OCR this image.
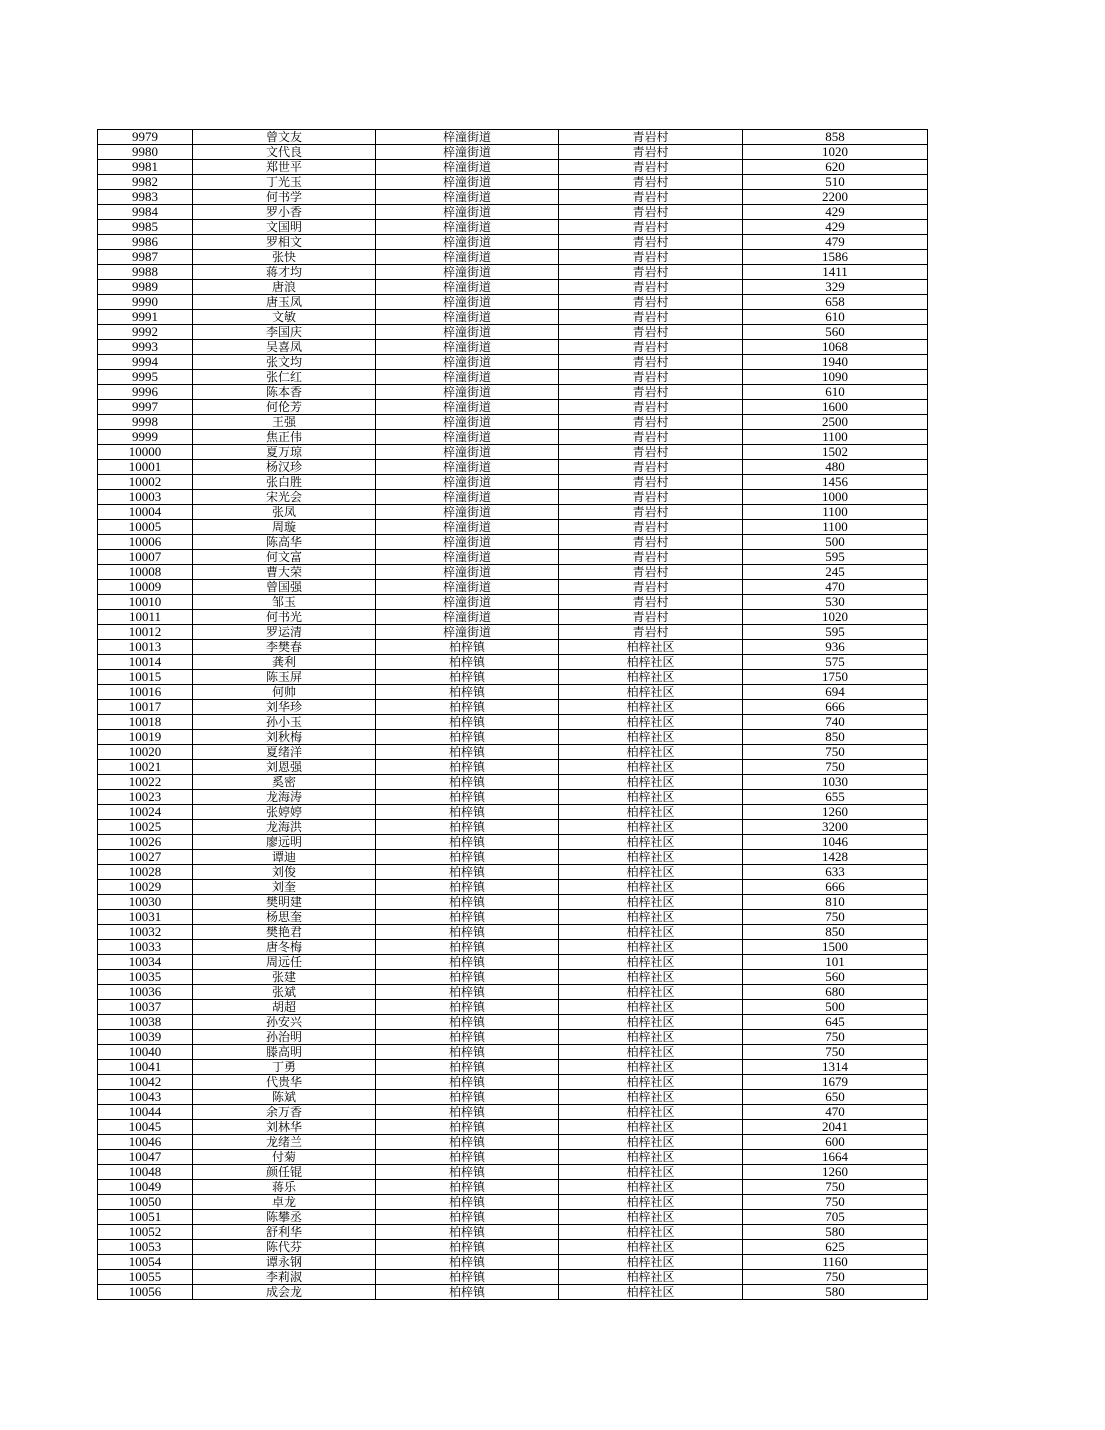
9979	曾文友	梓潼街道	青岩村	858
9980	文代良	梓潼街道	青岩村	1020
9981	郑世平	梓潼街道	青岩村	620
9982	丁光玉	梓潼街道	青岩村	510
9983	何书学	梓潼街道	青岩村	2200
9984	罗小香	梓潼街道	青岩村	429
9985	文国明	梓潼街道	青岩村	429
9986	罗相文	梓潼街道	青岩村	479
9987	张快	梓潼街道	青岩村	1586
9988	蒋才均	梓潼街道	青岩村	1411
9989	唐浪	梓潼街道	青岩村	329
9990	唐玉凤	梓潼街道	青岩村	658
9991	文敏	梓潼街道	青岩村	610
9992	李国庆	梓潼街道	青岩村	560
9993	吴喜凤	梓潼街道	青岩村	1068
9994	张文均	梓潼街道	青岩村	1940
9995	张仁红	梓潼街道	青岩村	1090
9996	陈本香	梓潼街道	青岩村	610
9997	何伦芳	梓潼街道	青岩村	1600
9998	王强	梓潼街道	青岩村	2500
9999	焦正伟	梓潼街道	青岩村	1100
10000	夏万琼	梓潼街道	青岩村	1502
10001	杨汉珍	梓潼街道	青岩村	480
10002	张白胜	梓潼街道	青岩村	1456
10003	宋光会	梓潼街道	青岩村	1000
10004	张凤	梓潼街道	青岩村	1100
10005	周璇	梓潼街道	青岩村	1100
10006	陈高华	梓潼街道	青岩村	500
10007	何文富	梓潼街道	青岩村	595
10008	曹大荣	梓潼街道	青岩村	245
10009	曾国强	梓潼街道	青岩村	470
10010	邹玉	梓潼街道	青岩村	530
10011	何书光	梓潼街道	青岩村	1020
10012	罗运清	梓潼街道	青岩村	595
10013	李樊春	柏梓镇	柏梓社区	936
10014	龚利	柏梓镇	柏梓社区	575
10015	陈玉屏	柏梓镇	柏梓社区	1750
10016	何帅	柏梓镇	柏梓社区	694
10017	刘华珍	柏梓镇	柏梓社区	666
10018	孙小玉	柏梓镇	柏梓社区	740
10019	刘秋梅	柏梓镇	柏梓社区	850
10020	夏绪洋	柏梓镇	柏梓社区	750
10021	刘恩强	柏梓镇	柏梓社区	750
10022	奚密	柏梓镇	柏梓社区	1030
10023	龙海涛	柏梓镇	柏梓社区	655
10024	张婷婷	柏梓镇	柏梓社区	1260
10025	龙海洪	柏梓镇	柏梓社区	3200
10026	廖远明	柏梓镇	柏梓社区	1046
10027	谭迪	柏梓镇	柏梓社区	1428
10028	刘俊	柏梓镇	柏梓社区	633
10029	刘奎	柏梓镇	柏梓社区	666
10030	樊明建	柏梓镇	柏梓社区	810
10031	杨思奎	柏梓镇	柏梓社区	750
10032	樊艳君	柏梓镇	柏梓社区	850
10033	唐冬梅	柏梓镇	柏梓社区	1500
10034	周远任	柏梓镇	柏梓社区	101
10035	张建	柏梓镇	柏梓社区	560
10036	张斌	柏梓镇	柏梓社区	680
10037	胡超	柏梓镇	柏梓社区	500
10038	孙安兴	柏梓镇	柏梓社区	645
10039	孙治明	柏梓镇	柏梓社区	750
10040	滕高明	柏梓镇	柏梓社区	750
10041	丁勇	柏梓镇	柏梓社区	1314
10042	代贵华	柏梓镇	柏梓社区	1679
10043	陈斌	柏梓镇	柏梓社区	650
10044	余万香	柏梓镇	柏梓社区	470
10045	刘林华	柏梓镇	柏梓社区	2041
10046	龙绪兰	柏梓镇	柏梓社区	600
10047	付菊	柏梓镇	柏梓社区	1664
10048	颜任锟	柏梓镇	柏梓社区	1260
10049	蒋乐	柏梓镇	柏梓社区	750
10050	卓龙	柏梓镇	柏梓社区	750
10051	陈攀丞	柏梓镇	柏梓社区	705
10052	舒利华	柏梓镇	柏梓社区	580
10053	陈代芬	柏梓镇	柏梓社区	625
10054	谭永钢	柏梓镇	柏梓社区	1160
10055	李莉淑	柏梓镇	柏梓社区	750
10056	成会龙	柏梓镇	柏梓社区	580
